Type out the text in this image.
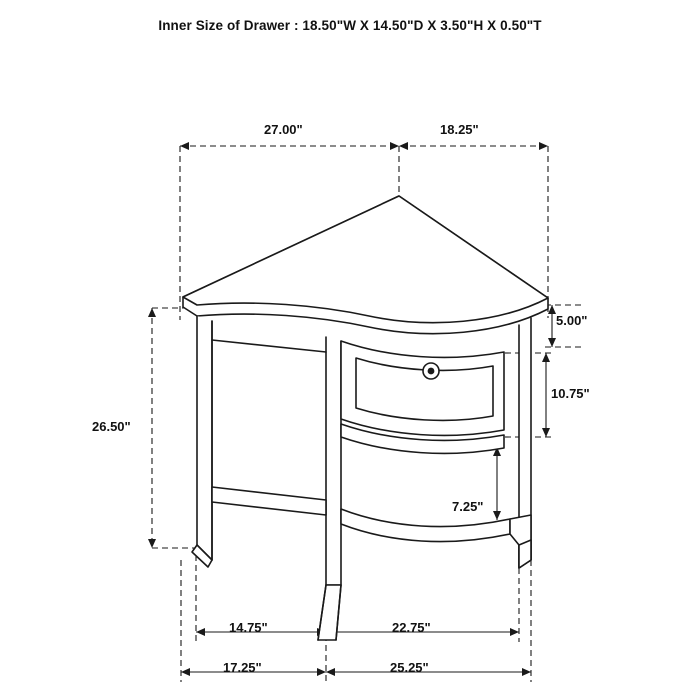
Inner Size of Drawer : 18.50"W X 14.50"D X 3.50"H X 0.50"T
27.00"	18.25"
26.50"
5.00"
10.75"
7.25"
14.75"	22.75"
17.25"	25.25"
